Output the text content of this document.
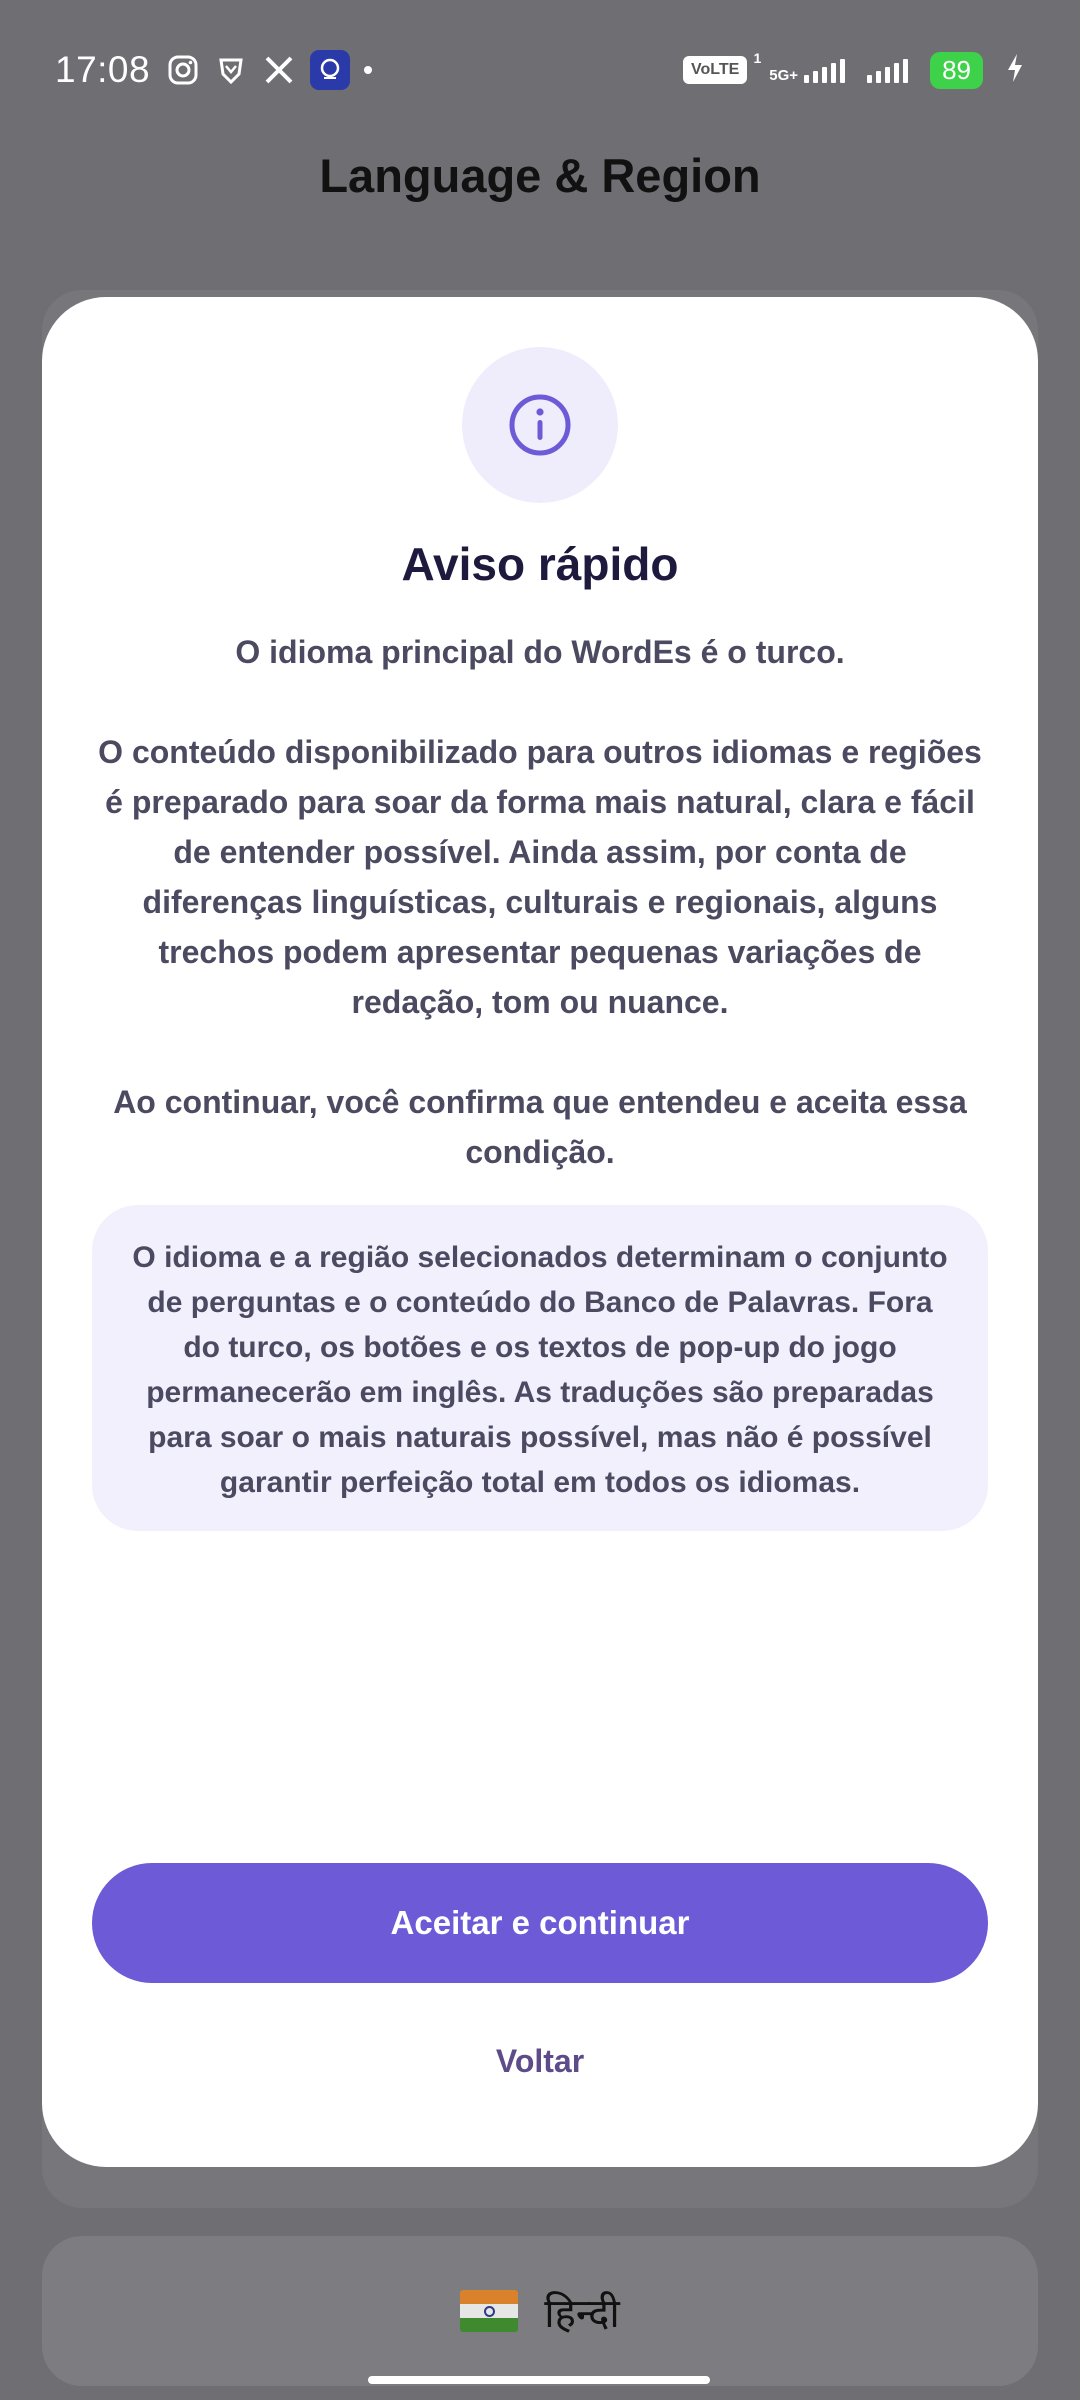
17:08	VoLTE
1
5G+	89
Language & Region
हिन्दी
Aviso rápido

O idioma principal do WordEs é o turco.

O conteúdo disponibilizado para outros idiomas e regiões é preparado para soar da forma mais natural, clara e fácil de entender possível. Ainda assim, por conta de diferenças linguísticas, culturais e regionais, alguns trechos podem apresentar pequenas variações de redação, tom ou nuance.

Ao continuar, você confirma que entendeu e aceita essa condição.

O idioma e a região selecionados determinam o conjunto de perguntas e o conteúdo do Banco de Palavras. Fora do turco, os botões e os textos de pop-up do jogo permanecerão em inglês. As traduções são preparadas para soar o mais naturais possível, mas não é possível garantir perfeição total em todos os idiomas.
Aceitar e continuar
Voltar
